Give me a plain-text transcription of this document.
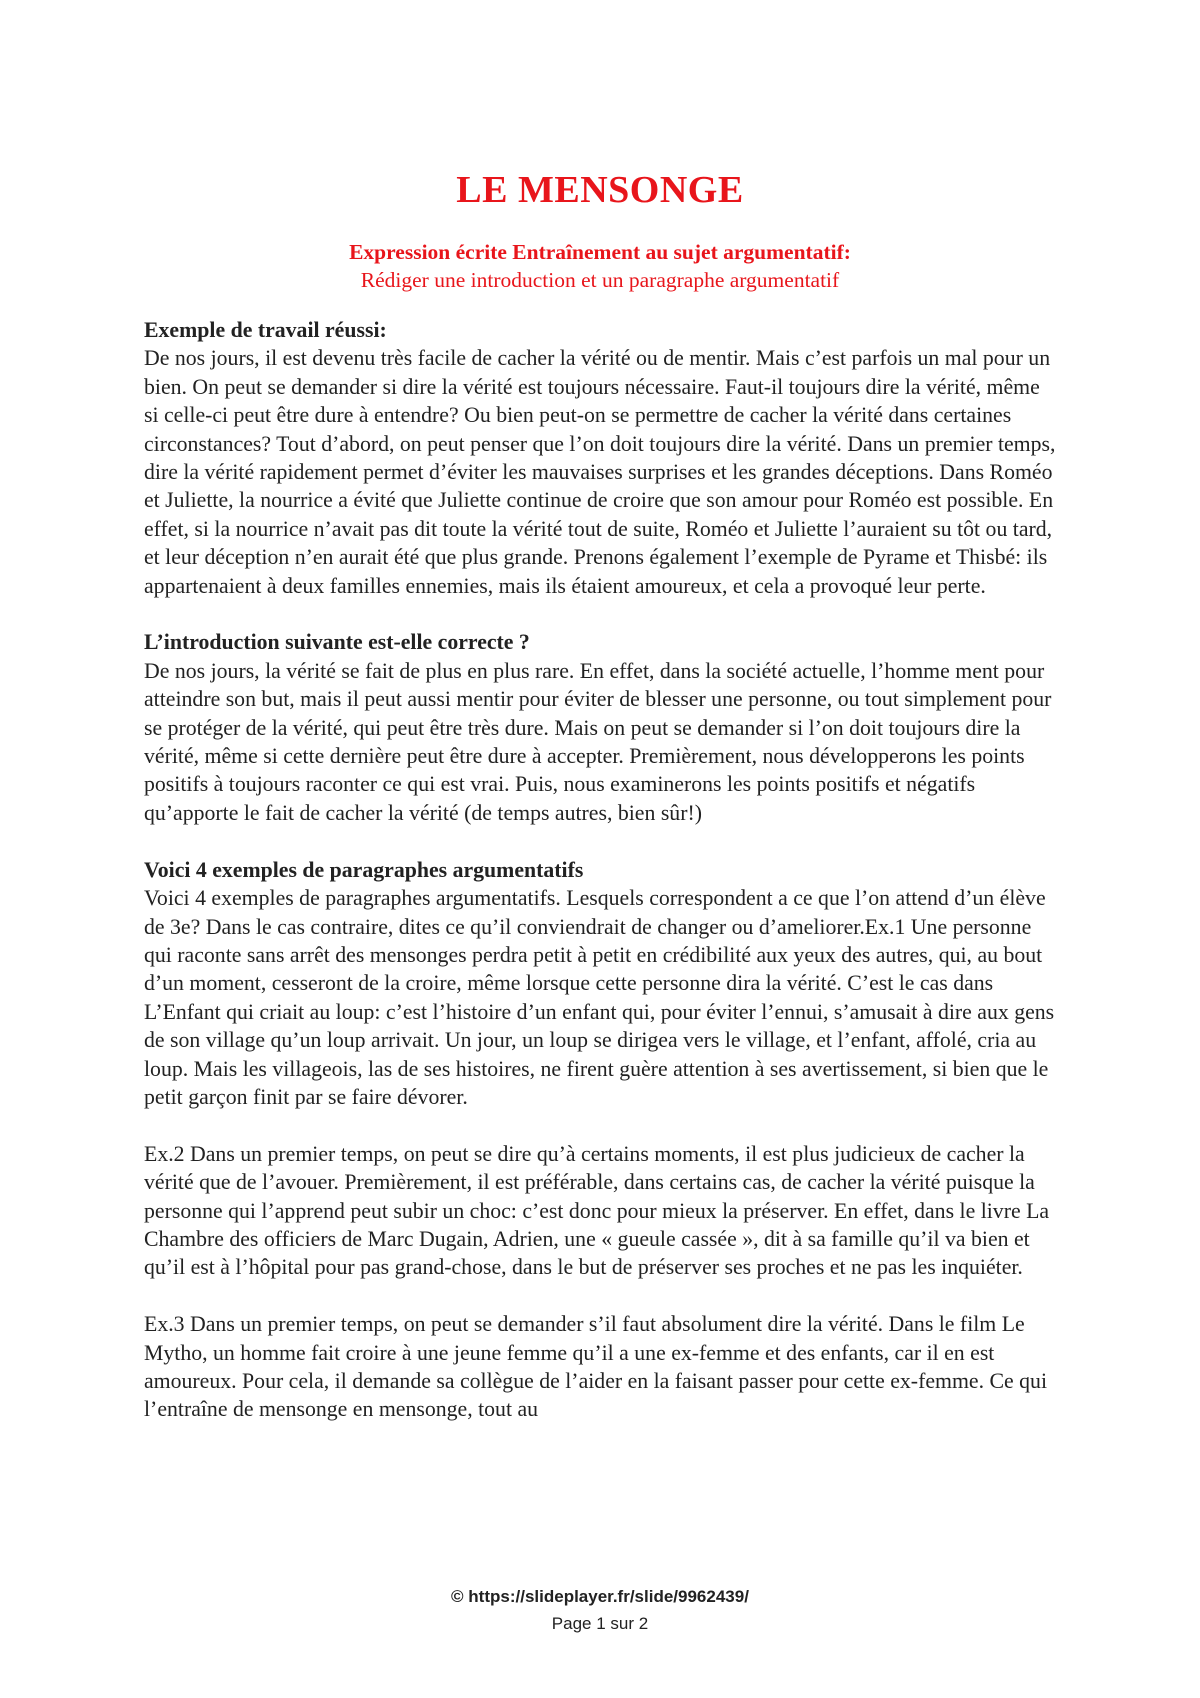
LE MENSONGE
Expression écrite Entraînement au sujet argumentatif:
Rédiger une introduction et un paragraphe argumentatif
Exemple de travail réussi:
De nos jours, il est devenu très facile de cacher la vérité ou de mentir. Mais c’est parfois un mal pour un bien. On peut se demander si dire la vérité est toujours nécessaire. Faut-il toujours dire la vérité, même si celle-ci peut être dure à entendre? Ou bien peut-on se permettre de cacher la vérité dans certaines circonstances? Tout d’abord, on peut penser que l’on doit toujours dire la vérité. Dans un premier temps, dire la vérité rapidement permet d’éviter les mauvaises surprises et les grandes déceptions. Dans Roméo et Juliette, la nourrice a évité que Juliette continue de croire que son amour pour Roméo est possible. En effet, si la nourrice n’avait pas dit toute la vérité tout de suite, Roméo et Juliette l’auraient su tôt ou tard, et leur déception n’en aurait été que plus grande. Prenons également l’exemple de Pyrame et Thisbé: ils appartenaient à deux familles ennemies, mais ils étaient amoureux, et cela a provoqué leur perte.
L’introduction suivante est-elle correcte ?
De nos jours, la vérité se fait de plus en plus rare. En effet, dans la société actuelle, l’homme ment pour atteindre son but, mais il peut aussi mentir pour éviter de blesser une personne, ou tout simplement pour se protéger de la vérité, qui peut être très dure. Mais on peut se demander si l’on doit toujours dire la vérité, même si cette dernière peut être dure à accepter. Premièrement, nous développerons les points positifs à toujours raconter ce qui est vrai. Puis, nous examinerons les points positifs et négatifs qu’apporte le fait de cacher la vérité (de temps autres, bien sûr!)
Voici 4 exemples de paragraphes argumentatifs
Voici 4 exemples de paragraphes argumentatifs. Lesquels correspondent a ce que l’on attend d’un élève de 3e? Dans le cas contraire, dites ce qu’il conviendrait de changer ou d’ameliorer.Ex.1 Une personne qui raconte sans arrêt des mensonges perdra petit à petit en crédibilité aux yeux des autres, qui, au bout d’un moment, cesseront de la croire, même lorsque cette personne dira la vérité. C’est le cas dans L’Enfant qui criait au loup: c’est l’histoire d’un enfant qui, pour éviter l’ennui, s’amusait à dire aux gens de son village qu’un loup arrivait. Un jour, un loup se dirigea vers le village, et l’enfant, affolé, cria au loup. Mais les villageois, las de ses histoires, ne firent guère attention à ses avertissement, si bien que le petit garçon finit par se faire dévorer.
Ex.2 Dans un premier temps, on peut se dire qu’à certains moments, il est plus judicieux de cacher la vérité que de l’avouer. Premièrement, il est préférable, dans certains cas, de cacher la vérité puisque la personne qui l’apprend peut subir un choc: c’est donc pour mieux la préserver. En effet, dans le livre La Chambre des officiers de Marc Dugain, Adrien, une « gueule cassée », dit à sa famille qu’il va bien et qu’il est à l’hôpital pour pas grand-chose, dans le but de préserver ses proches et ne pas les inquiéter.
Ex.3 Dans un premier temps, on peut se demander s’il faut absolument dire la vérité. Dans le film Le Mytho, un homme fait croire à une jeune femme qu’il a une ex-femme et des enfants, car il en est amoureux. Pour cela, il demande sa collègue de l’aider en la faisant passer pour cette ex-femme. Ce qui l’entraîne de mensonge en mensonge, tout au
© https://slideplayer.fr/slide/9962439/
Page 1 sur 2
